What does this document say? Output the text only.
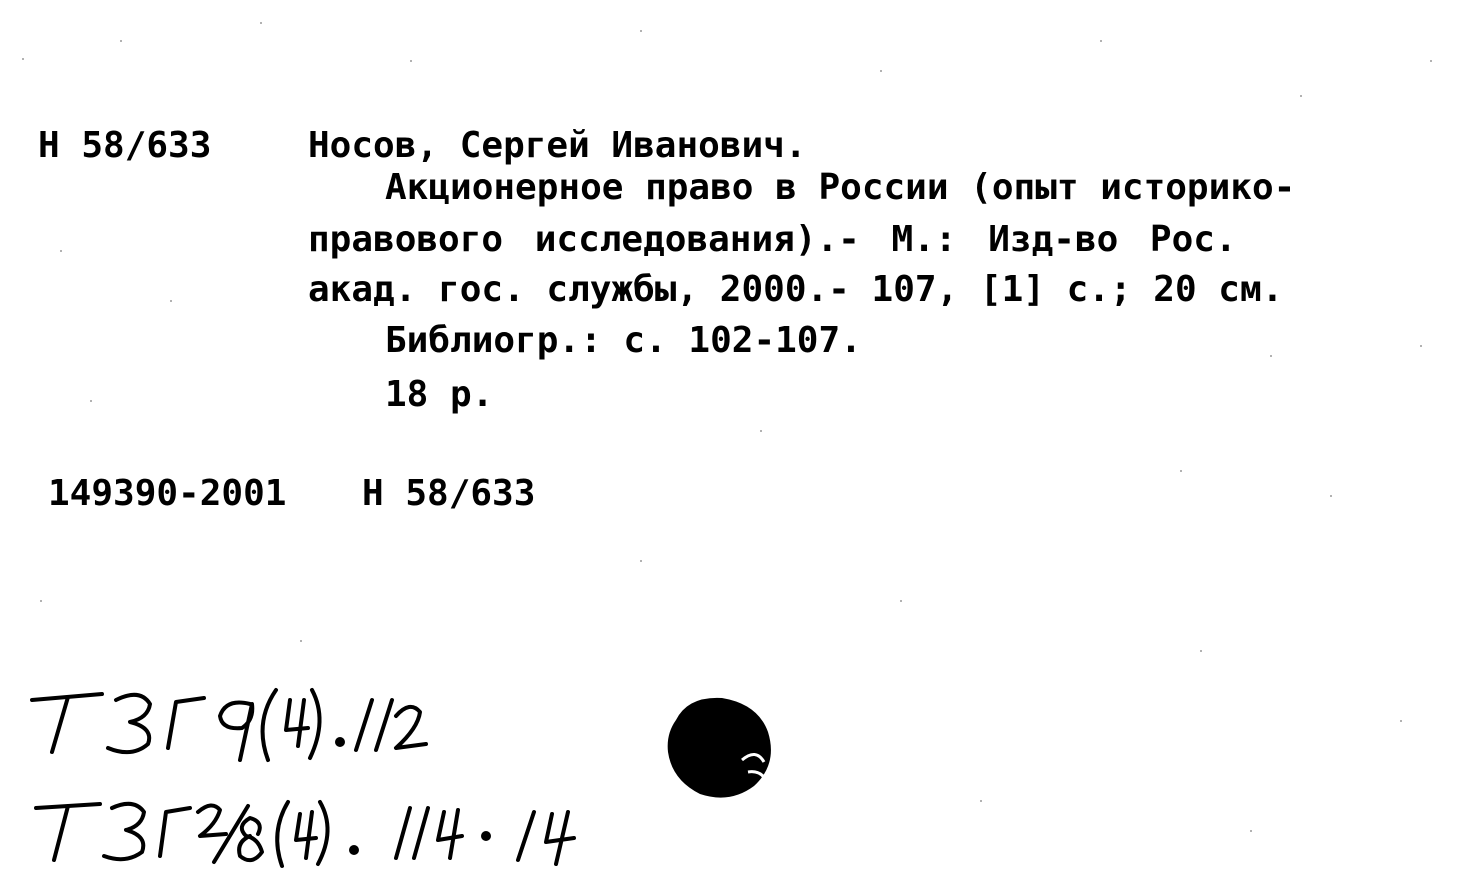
Н 58/633	Носов, Сергей Иванович.
Акционерное право в России (опыт историко-
правового исследования).- М.: Изд-во Рос.
акад. гос. службы, 2000.- 107, [1] с.; 20 см.
Библиогр.: с. 102-107.
18 р.
149390-2001 Н 58/633
